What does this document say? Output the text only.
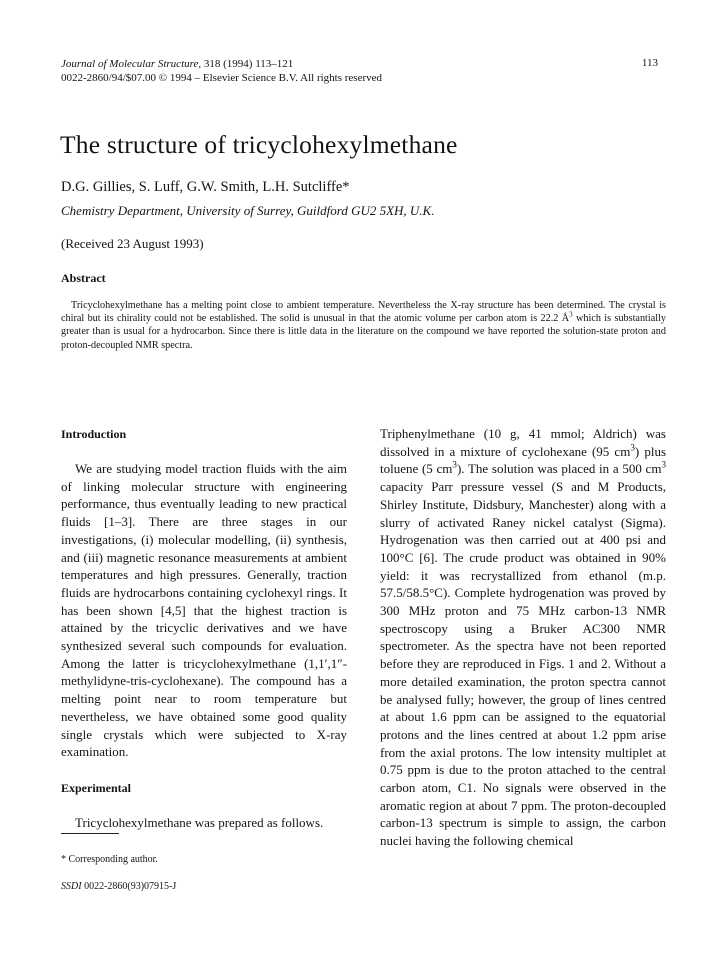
Journal of Molecular Structure, 318 (1994) 113–121
0022-2860/94/$07.00 © 1994 – Elsevier Science B.V. All rights reserved
113
The structure of tricyclohexylmethane
D.G. Gillies, S. Luff, G.W. Smith, L.H. Sutcliffe*
Chemistry Department, University of Surrey, Guildford GU2 5XH, U.K.
(Received 23 August 1993)
Abstract

Tricyclohexylmethane has a melting point close to ambient temperature. Nevertheless the X-ray structure has been determined. The crystal is chiral but its chirality could not be established. The solid is unusual in that the atomic volume per carbon atom is 22.2 $Å^3$ which is substantially greater than is usual for a hydrocarbon. Since there is little data in the literature on the compound we have reported the solution-state proton and proton-decoupled NMR spectra.

Introduction

We are studying model traction fluids with the aim of linking molecular structure with engineering performance, thus eventually leading to new practical fluids [1–3]. There are three stages in our investigations, (i) molecular modelling, (ii) synthesis, and (iii) magnetic resonance measurements at ambient temperatures and high pressures. Generally, traction fluids are hydrocarbons containing cyclohexyl rings. It has been shown [4,5] that the highest traction is attained by the tricyclic derivatives and we have synthesized several such compounds for evaluation. Among the latter is tricyclohexylmethane (1,1′,1″-methylidyne-tris-cyclohexane). The compound has a melting point near to room temperature but nevertheless, we have obtained some good quality single crystals which were subjected to X-ray examination.

Experimental

Tricyclohexylmethane was prepared as follows.

Triphenylmethane (10 g, 41 mmol; Aldrich) was dissolved in a mixture of cyclohexane (95 $cm^3$) plus toluene (5 $cm^3$). The solution was placed in a 500 $cm^3$ capacity Parr pressure vessel (S and M Products, Shirley Institute, Didsbury, Manchester) along with a slurry of activated Raney nickel catalyst (Sigma). Hydrogenation was then carried out at 400 psi and 100°C [6]. The crude product was obtained in 90% yield: it was recrystallized from ethanol (m.p. 57.5/58.5°C). Complete hydrogenation was proved by 300 MHz proton and 75 MHz carbon-13 NMR spectroscopy using a Bruker AC300 NMR spectrometer. As the spectra have not been reported before they are reproduced in Figs. 1 and 2. Without a more detailed examination, the proton spectra cannot be analysed fully; however, the group of lines centred at about 1.6 ppm can be assigned to the equatorial protons and the lines centred at about 1.2 ppm arise from the axial protons. The low intensity multiplet at 0.75 ppm is due to the proton attached to the central carbon atom, C1. No signals were observed in the aromatic region at about 7 ppm. The proton-decoupled carbon-13 spectrum is simple to assign, the carbon nuclei having the following chemical

* Corresponding author.
SSDI 0022-2860(93)07915-J
